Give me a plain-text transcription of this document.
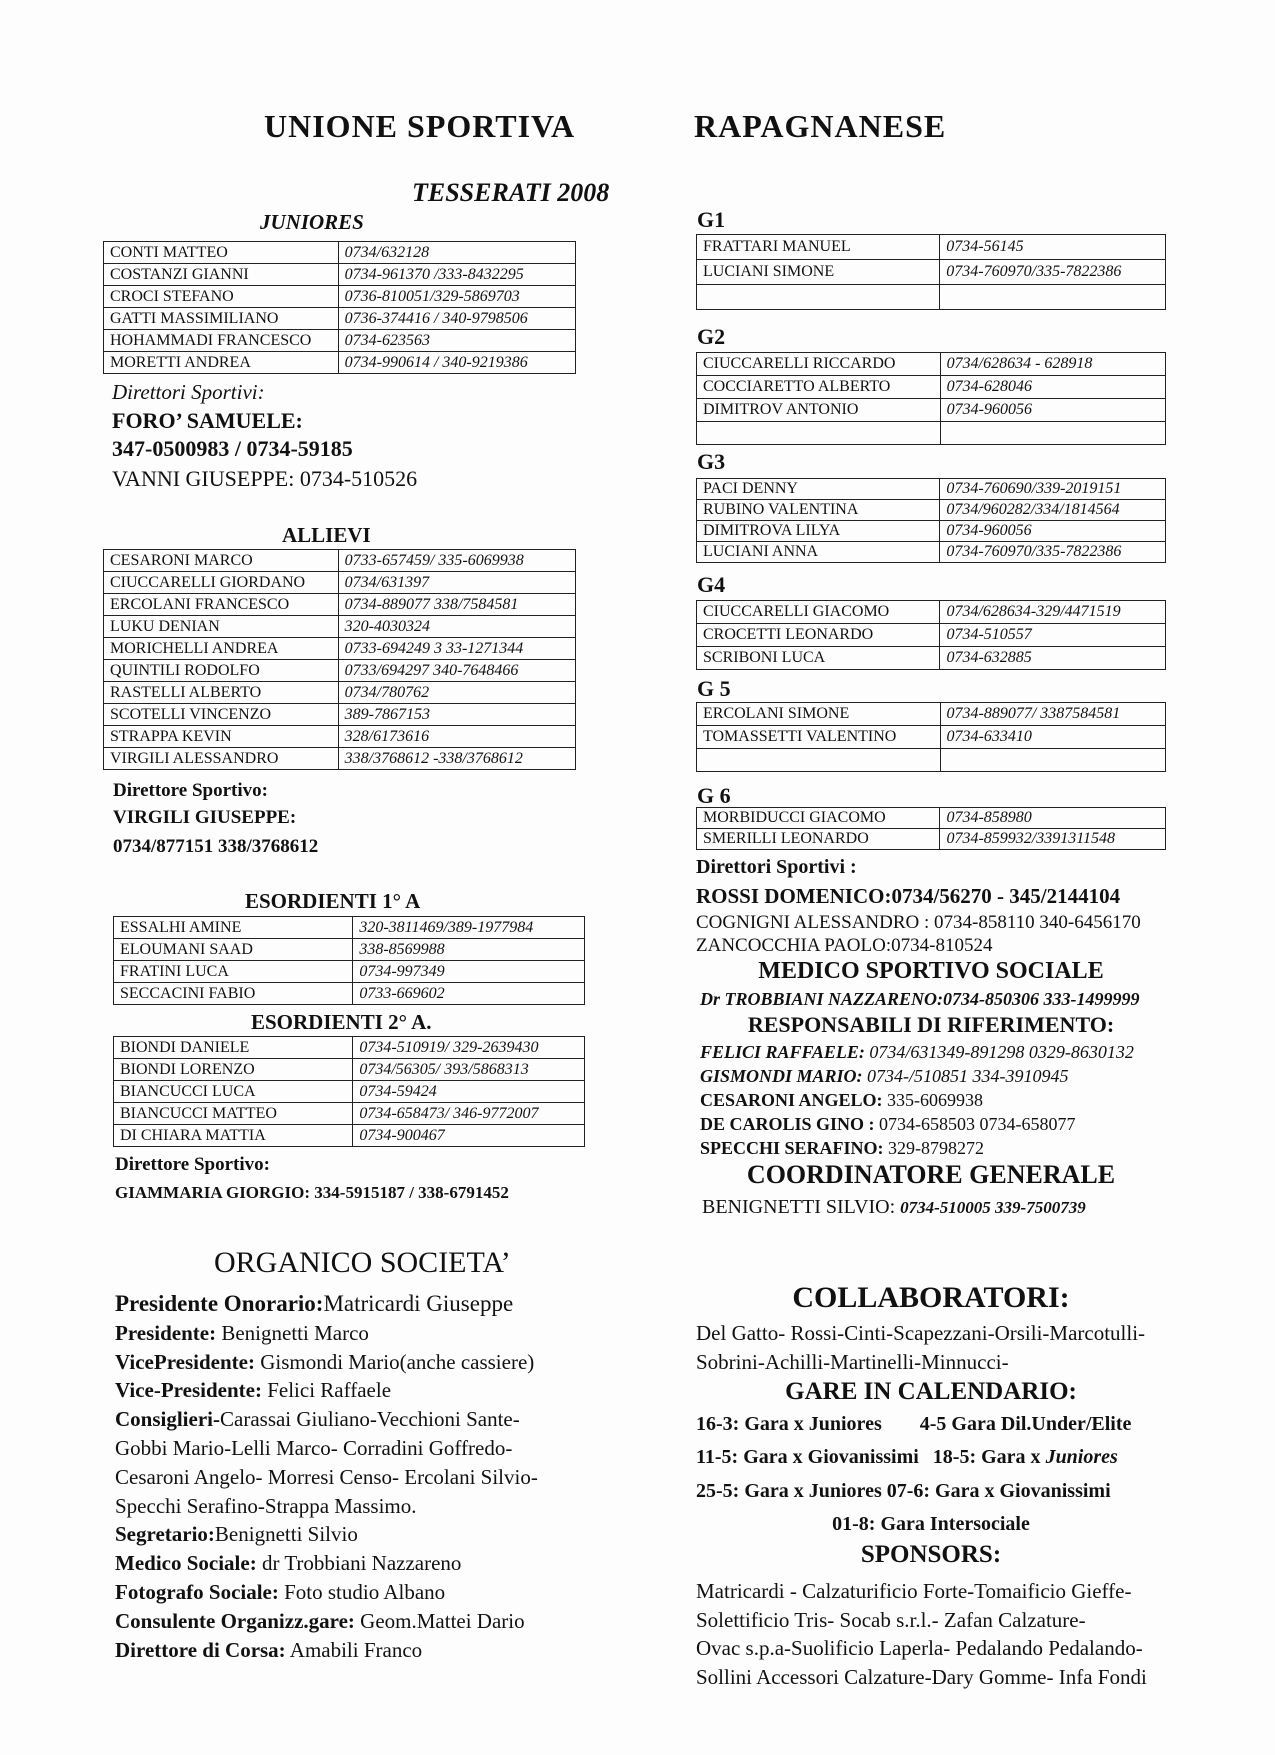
UNIONE SPORTIVA	RAPAGNANESE
TESSERATI 2008
JUNIORES
CONTI MATTEO	0734/632128
COSTANZI GIANNI	0734-961370 /333-8432295
CROCI STEFANO	0736-810051/329-5869703
GATTI MASSIMILIANO	0736-374416 / 340-9798506
HOHAMMADI FRANCESCO	0734-623563
MORETTI ANDREA	0734-990614 / 340-9219386
Direttori Sportivi:
FORO’ SAMUELE:
347-0500983 / 0734-59185
VANNI GIUSEPPE: 0734-510526
ALLIEVI
CESARONI MARCO	0733-657459/ 335-6069938
CIUCCARELLI GIORDANO	0734/631397
ERCOLANI FRANCESCO	0734-889077 338/7584581
LUKU DENIAN	320-4030324
MORICHELLI ANDREA	0733-694249 3 33-1271344
QUINTILI RODOLFO	0733/694297 340-7648466
RASTELLI ALBERTO	0734/780762
SCOTELLI VINCENZO	389-7867153
STRAPPA KEVIN	328/6173616
VIRGILI ALESSANDRO	338/3768612 -338/3768612
Direttore Sportivo:
VIRGILI GIUSEPPE:
0734/877151 338/3768612
ESORDIENTI 1° A
ESSALHI AMINE	320-3811469/389-1977984
ELOUMANI SAAD	338-8569988
FRATINI LUCA	0734-997349
SECCACINI FABIO	0733-669602
ESORDIENTI 2° A.
BIONDI DANIELE	0734-510919/ 329-2639430
BIONDI LORENZO	0734/56305/ 393/5868313
BIANCUCCI LUCA	0734-59424
BIANCUCCI MATTEO	0734-658473/ 346-9772007
DI CHIARA MATTIA	0734-900467
Direttore Sportivo:
GIAMMARIA GIORGIO: 334-5915187 / 338-6791452
ORGANICO SOCIETA’
Presidente Onorario:Matricardi Giuseppe
Presidente: Benignetti Marco
VicePresidente: Gismondi Mario(anche cassiere)
Vice-Presidente: Felici Raffaele
Consiglieri-Carassai Giuliano-Vecchioni Sante-
Gobbi Mario-Lelli Marco- Corradini Goffredo-
Cesaroni Angelo- Morresi Censo- Ercolani Silvio-
Specchi Serafino-Strappa Massimo.
Segretario:Benignetti Silvio
Medico Sociale: dr Trobbiani Nazzareno
Fotografo Sociale: Foto studio Albano
Consulente Organizz.gare: Geom.Mattei Dario
Direttore di Corsa: Amabili Franco
G1
FRATTARI MANUEL	0734-56145
LUCIANI SIMONE	0734-760970/335-7822386

G2
CIUCCARELLI RICCARDO	0734/628634 - 628918
COCCIARETTO ALBERTO	0734-628046
DIMITROV ANTONIO	0734-960056

G3
PACI DENNY	0734-760690/339-2019151
RUBINO VALENTINA	0734/960282/334/1814564
DIMITROVA LILYA	0734-960056
LUCIANI ANNA	0734-760970/335-7822386
G4
CIUCCARELLI GIACOMO	0734/628634-329/4471519
CROCETTI LEONARDO	0734-510557
SCRIBONI LUCA	0734-632885
G 5
ERCOLANI SIMONE	0734-889077/ 3387584581
TOMASSETTI VALENTINO	0734-633410

G 6
MORBIDUCCI GIACOMO	0734-858980
SMERILLI LEONARDO	0734-859932/3391311548
Direttori Sportivi :
ROSSI DOMENICO:0734/56270 - 345/2144104
COGNIGNI ALESSANDRO : 0734-858110 340-6456170
ZANCOCCHIA PAOLO:0734-810524
MEDICO SPORTIVO SOCIALE
Dr TROBBIANI NAZZARENO:0734-850306 333-1499999
RESPONSABILI DI RIFERIMENTO:
FELICI RAFFAELE: 0734/631349-891298 0329-8630132
GISMONDI MARIO: 0734-/510851 334-3910945
CESARONI ANGELO: 335-6069938
DE CAROLIS GINO : 0734-658503 0734-658077
SPECCHI SERAFINO: 329-8798272
COORDINATORE GENERALE
BENIGNETTI SILVIO: 0734-510005 339-7500739
COLLABORATORI:
Del Gatto- Rossi-Cinti-Scapezzani-Orsili-Marcotulli-
Sobrini-Achilli-Martinelli-Minnucci-
GARE IN CALENDARIO:
16-3: Gara x Juniores 4-5 Gara Dil.Under/Elite
11-5: Gara x Giovanissimi 18-5: Gara x Juniores
25-5: Gara x Juniores 07-6: Gara x Giovanissimi
01-8: Gara Intersociale
SPONSORS:
Matricardi - Calzaturificio Forte-Tomaificio Gieffe-
Solettificio Tris- Socab s.r.l.- Zafan Calzature-
Ovac s.p.a-Suolificio Laperla- Pedalando Pedalando-
Sollini Accessori Calzature-Dary Gomme- Infa Fondi
